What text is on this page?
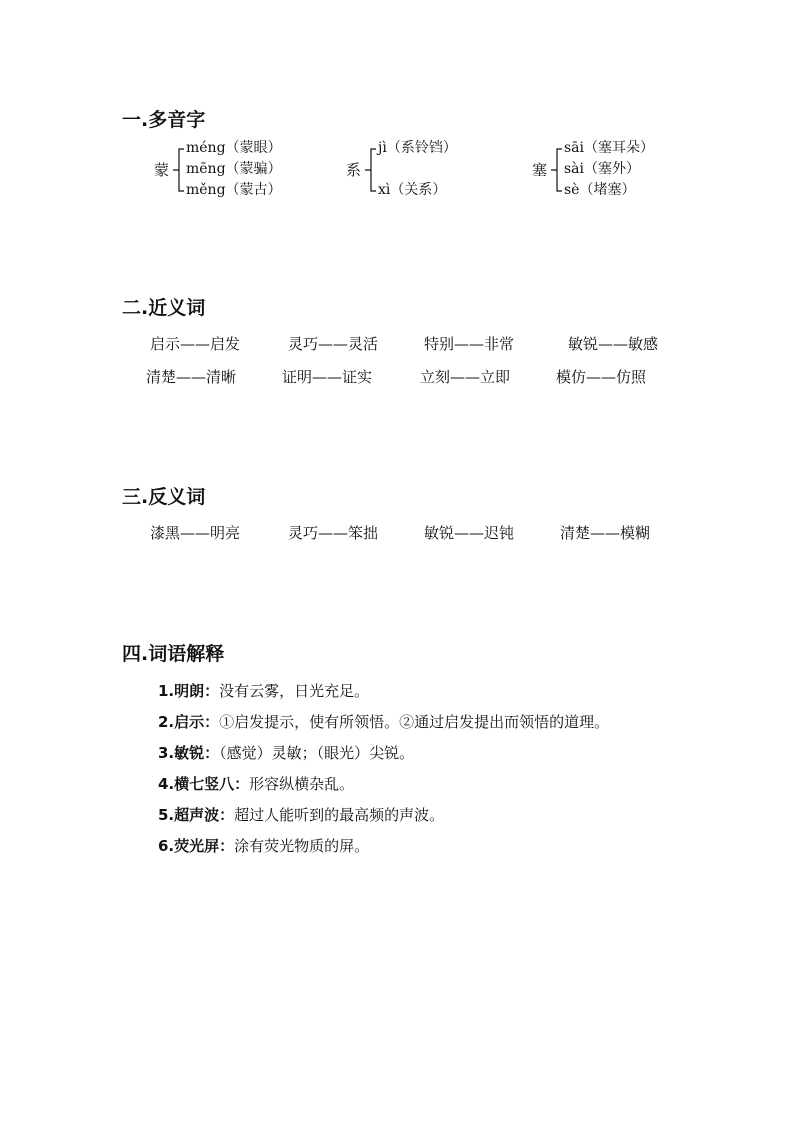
一.多音字
蒙
méng（蒙眼）
mēng（蒙骗）
měng（蒙古）
系
jì（系铃铛）
xì（关系）
塞
sāi（塞耳朵）
sài（塞外）
sè（堵塞）
二.近义词
启示——启发	灵巧——灵活	特别——非常	敏锐——敏感
清楚——清晰	证明——证实	立刻——立即	模仿——仿照
三.反义词
漆黑——明亮	灵巧——笨拙	敏锐——迟钝	清楚——模糊
四.词语解释
1.明朗：没有云雾，日光充足。
2.启示：①启发提示，使有所领悟。②通过启发提出而领悟的道理。
3.敏锐：（感觉）灵敏；（眼光）尖锐。
4.横七竖八：形容纵横杂乱。
5.超声波：超过人能听到的最高频的声波。
6.荧光屏：涂有荧光物质的屏。
